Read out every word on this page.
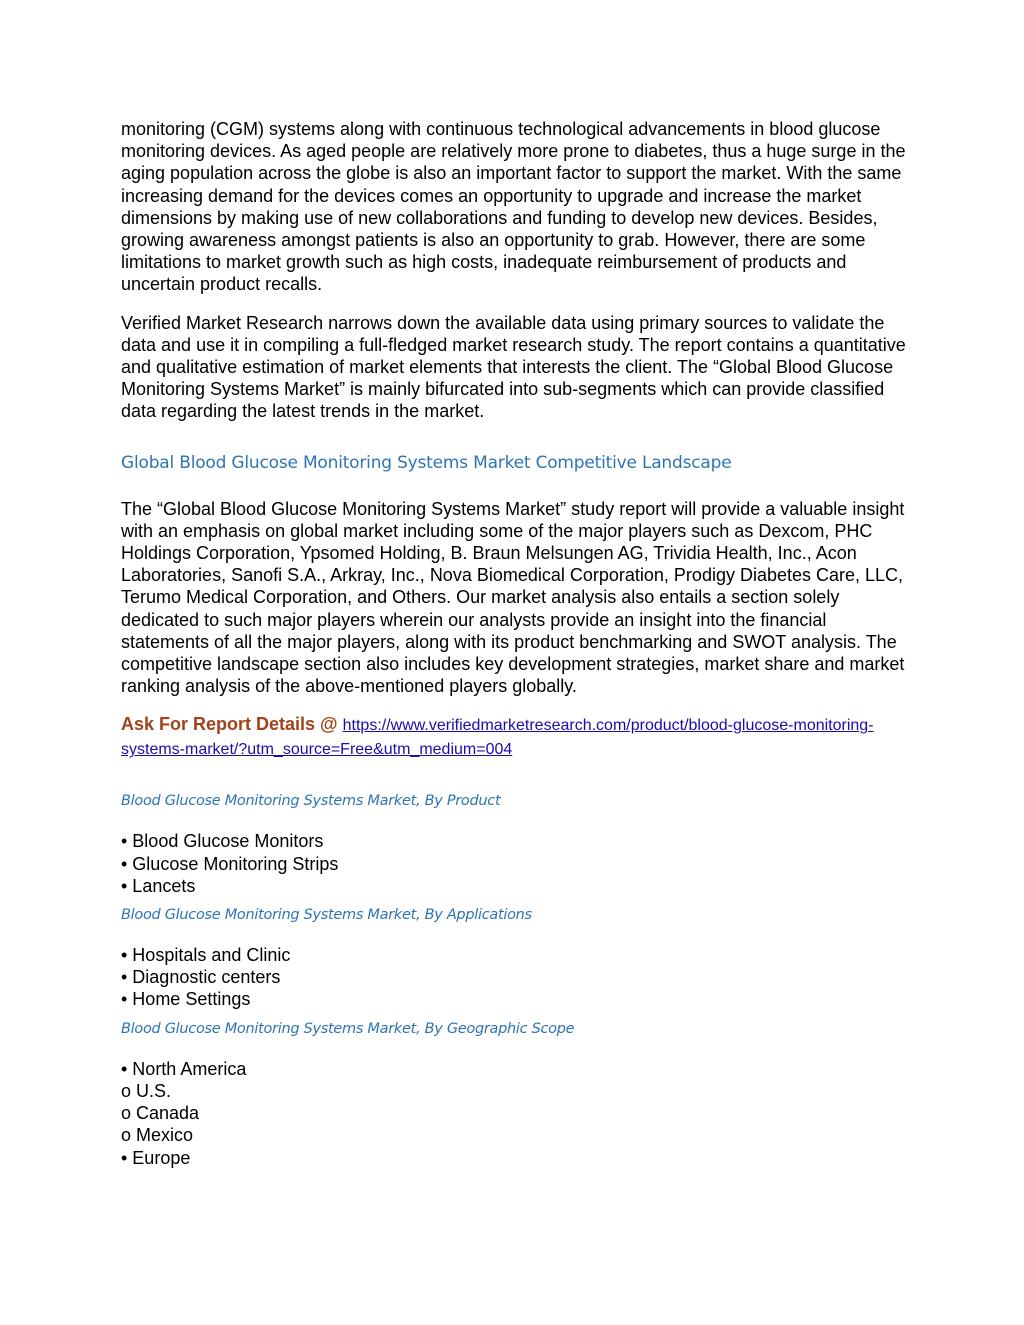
monitoring (CGM) systems along with continuous technological advancements in blood glucose monitoring devices. As aged people are relatively more prone to diabetes, thus a huge surge in the aging population across the globe is also an important factor to support the market. With the same increasing demand for the devices comes an opportunity to upgrade and increase the market dimensions by making use of new collaborations and funding to develop new devices. Besides, growing awareness amongst patients is also an opportunity to grab. However, there are some limitations to market growth such as high costs, inadequate reimbursement of products and uncertain product recalls.

Verified Market Research narrows down the available data using primary sources to validate the data and use it in compiling a full-fledged market research study. The report contains a quantitative and qualitative estimation of market elements that interests the client. The “Global Blood Glucose Monitoring Systems Market” is mainly bifurcated into sub-segments which can provide classified data regarding the latest trends in the market.

Global Blood Glucose Monitoring Systems Market Competitive Landscape

The “Global Blood Glucose Monitoring Systems Market” study report will provide a valuable insight with an emphasis on global market including some of the major players such as Dexcom, PHC Holdings Corporation, Ypsomed Holding, B. Braun Melsungen AG, Trividia Health, Inc., Acon Laboratories, Sanofi S.A., Arkray, Inc., Nova Biomedical Corporation, Prodigy Diabetes Care, LLC, Terumo Medical Corporation, and Others. Our market analysis also entails a section solely dedicated to such major players wherein our analysts provide an insight into the financial statements of all the major players, along with its product benchmarking and SWOT analysis. The competitive landscape section also includes key development strategies, market share and market ranking analysis of the above-mentioned players globally.

Ask For Report Details @ https://www.verifiedmarketresearch.com/product/blood-glucose-monitoring-systems-market/?utm_source=Free&utm_medium=004

Blood Glucose Monitoring Systems Market, By Product
• Blood Glucose Monitors
• Glucose Monitoring Strips
• Lancets
Blood Glucose Monitoring Systems Market, By Applications
• Hospitals and Clinic
• Diagnostic centers
• Home Settings
Blood Glucose Monitoring Systems Market, By Geographic Scope
• North America
o U.S.
o Canada
o Mexico
• Europe
